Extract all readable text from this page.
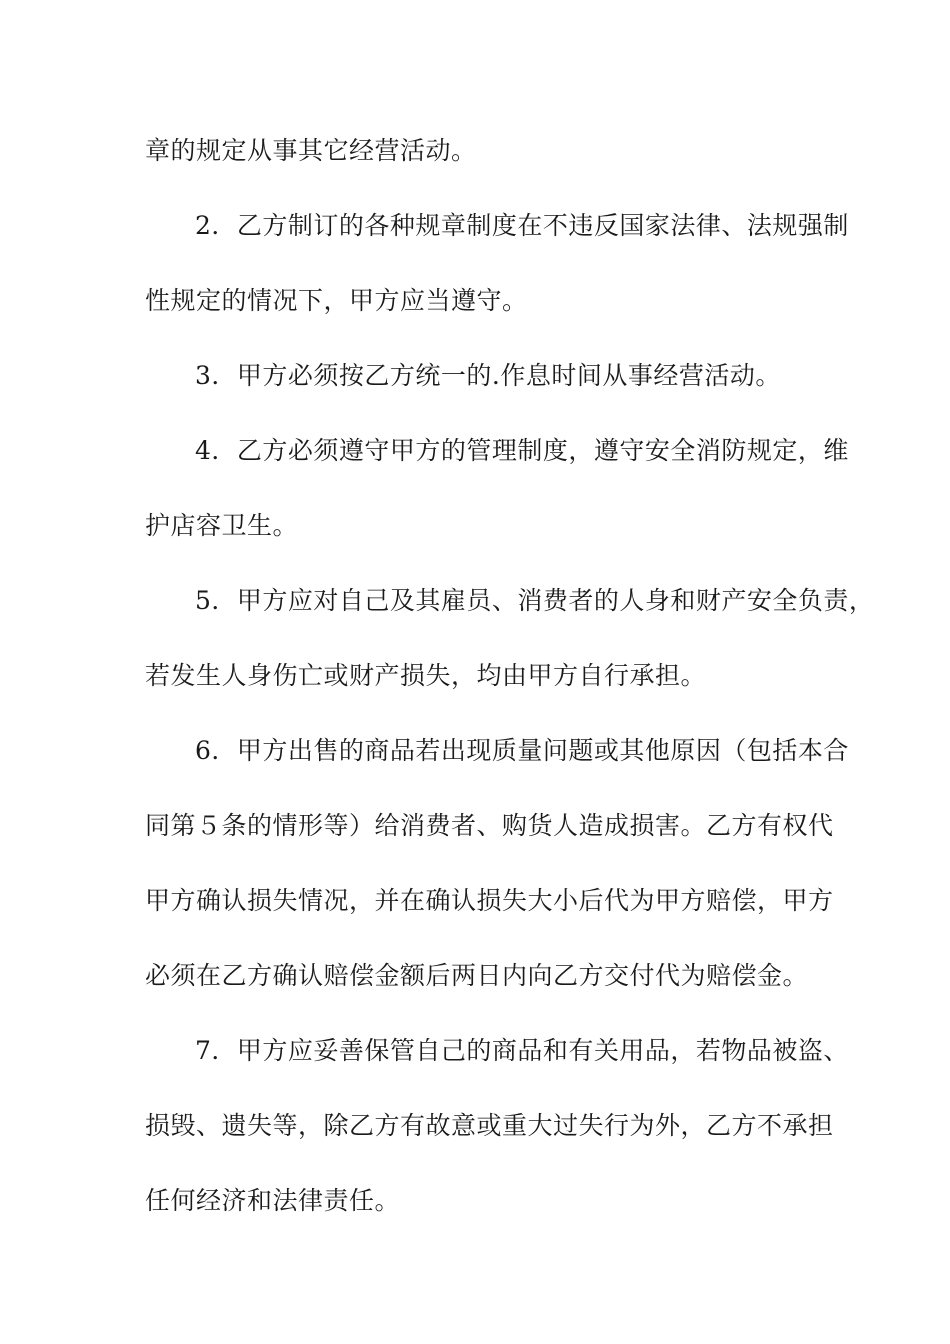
章的规定从事其它经营活动。
2．乙方制订的各种规章制度在不违反国家法律、法规强制
性规定的情况下，甲方应当遵守。
3．甲方必须按乙方统一的.作息时间从事经营活动。
4．乙方必须遵守甲方的管理制度，遵守安全消防规定，维
护店容卫生。
5．甲方应对自己及其雇员、消费者的人身和财产安全负责，
若发生人身伤亡或财产损失，均由甲方自行承担。
6．甲方出售的商品若出现质量问题或其他原因（包括本合
同第５条的情形等）给消费者、购货人造成损害。乙方有权代
甲方确认损失情况，并在确认损失大小后代为甲方赔偿，甲方
必须在乙方确认赔偿金额后两日内向乙方交付代为赔偿金。
7．甲方应妥善保管自己的商品和有关用品，若物品被盗、
损毁、遗失等，除乙方有故意或重大过失行为外，乙方不承担
任何经济和法律责任。
